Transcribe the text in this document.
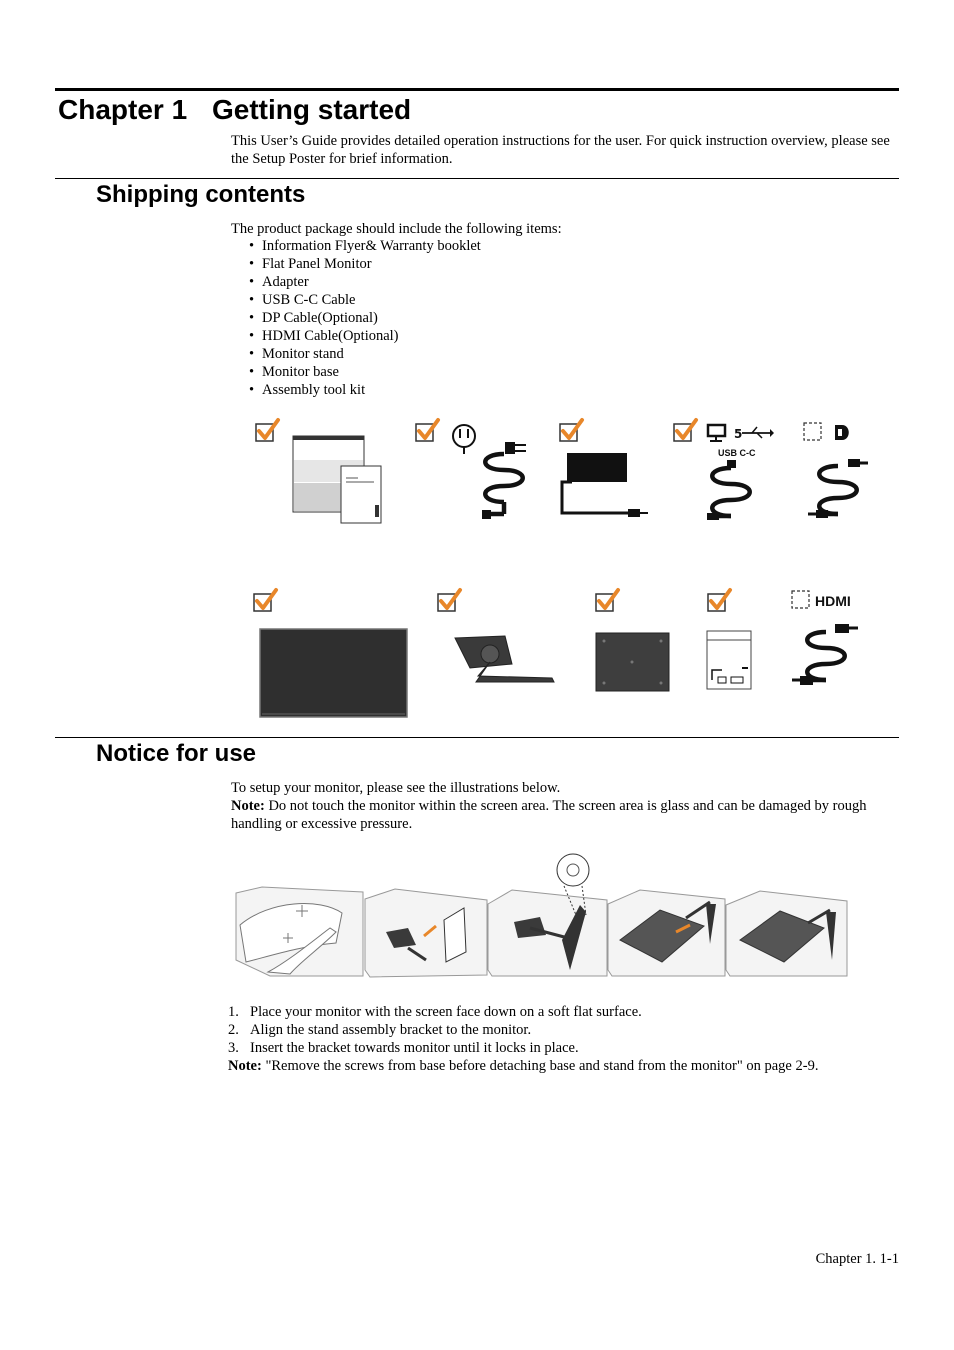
Chapter 1 Getting started
This User’s Guide provides detailed operation instructions for the user. For quick instruction overview, please see the Setup Poster for brief information.
Shipping contents
The product package should include the following items:
• Information Flyer& Warranty booklet
• Flat Panel Monitor
• Adapter
• USB C-C Cable
• DP Cable(Optional)
• HDMI Cable(Optional)
• Monitor stand
• Monitor base
• Assembly tool kit
5
USB C-C
HDMI
Notice for use
To setup your monitor, please see the illustrations below.
Note: Do not touch the monitor within the screen area. The screen area is glass and can be damaged by rough handling or excessive pressure.
1. Place your monitor with the screen face down on a soft flat surface.
2. Align the stand assembly bracket to the monitor.
3. Insert the bracket towards monitor until it locks in place.
Note: "Remove the screws from base before detaching base and stand from the monitor" on page 2-9.
Chapter 1. 1-1
